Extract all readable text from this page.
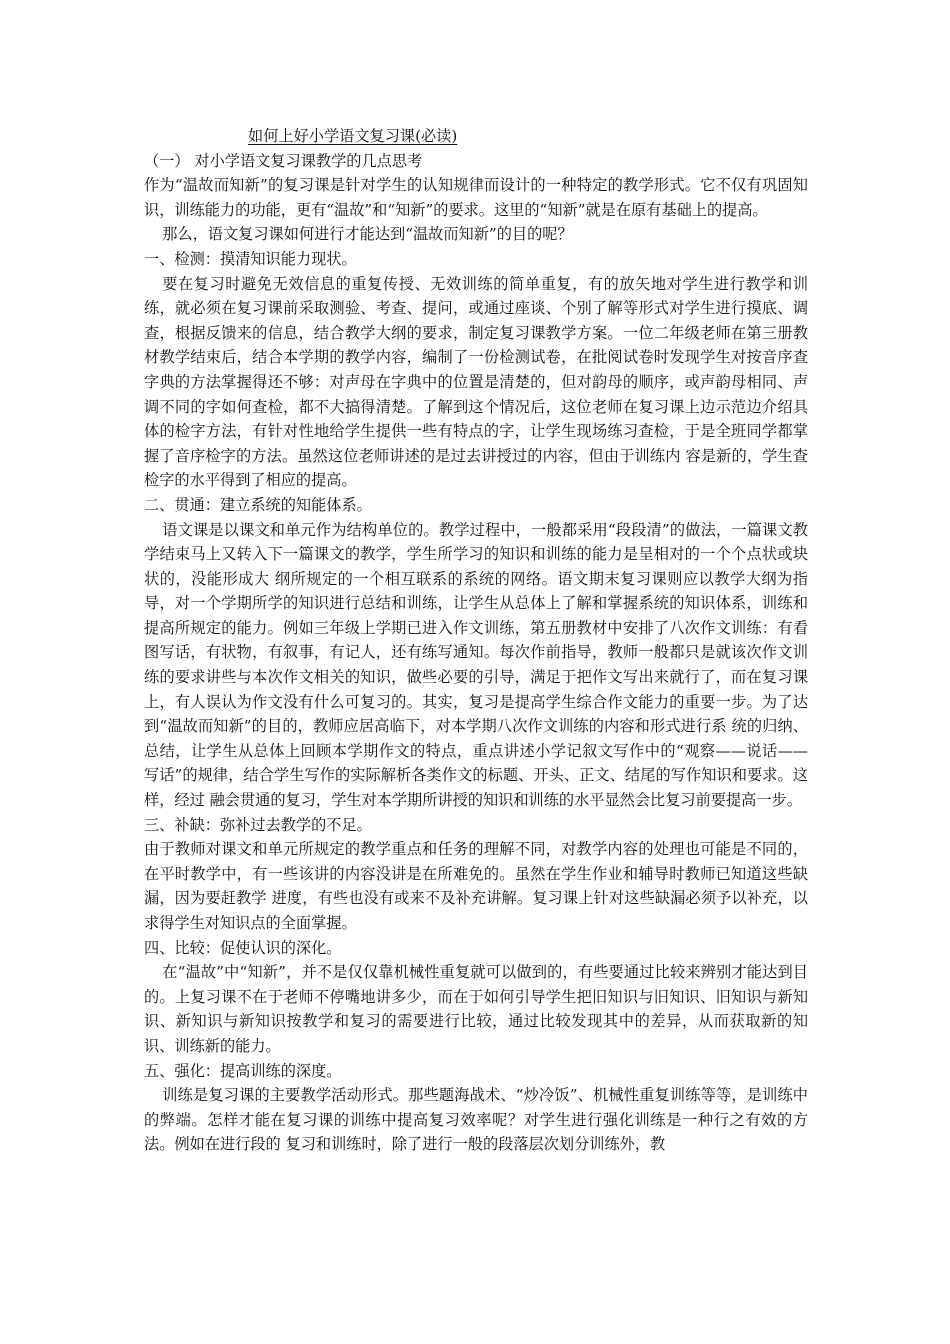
如何上好小学语文复习课(必读)

（一） 对小学语文复习课教学的几点思考

作为“温故而知新”的复习课是针对学生的认知规律而设计的一种特定的教学形式。它不仅有巩固知识，训练能力的功能，更有“温故”和“知新”的要求。这里的“知新”就是在原有基础上的提高。

那么，语文复习课如何进行才能达到“温故而知新”的目的呢？

一、检测：摸清知识能力现状。

要在复习时避免无效信息的重复传授、无效训练的简单重复，有的放矢地对学生进行教学和训练，就必须在复习课前采取测验、考查、提问，或通过座谈、个别了解等形式对学生进行摸底、调查，根据反馈来的信息，结合教学大纲的要求，制定复习课教学方案。一位二年级老师在第三册教材教学结束后，结合本学期的教学内容，编制了一份检测试卷，在批阅试卷时发现学生对按音序查字典的方法掌握得还不够：对声母在字典中的位置是清楚的，但对韵母的顺序，或声韵母相同、声调不同的字如何查检，都不大搞得清楚。了解到这个情况后，这位老师在复习课上边示范边介绍具体的检字方法，有针对性地给学生提供一些有特点的字，让学生现场练习查检，于是全班同学都掌握了音序检字的方法。虽然这位老师讲述的是过去讲授过的内容，但由于训练内 容是新的，学生查检字的水平得到了相应的提高。

二、贯通：建立系统的知能体系。

语文课是以课文和单元作为结构单位的。教学过程中，一般都采用“段段清”的做法，一篇课文教学结束马上又转入下一篇课文的教学，学生所学习的知识和训练的能力是呈相对的一个个点状或块状的，没能形成大 纲所规定的一个相互联系的系统的网络。语文期末复习课则应以教学大纲为指导，对一个学期所学的知识进行总结和训练，让学生从总体上了解和掌握系统的知识体系，训练和提高所规定的能力。例如三年级上学期已进入作文训练，第五册教材中安排了八次作文训练：有看图写话，有状物，有叙事，有记人，还有练写通知。每次作前指导，教师一般都只是就该次作文训练的要求讲些与本次作文相关的知识，做些必要的引导，满足于把作文写出来就行了，而在复习课上，有人误认为作文没有什么可复习的。其实，复习是提高学生综合作文能力的重要一步。为了达到“温故而知新”的目的，教师应居高临下，对本学期八次作文训练的内容和形式进行系 统的归纳、总结，让学生从总体上回顾本学期作文的特点，重点讲述小学记叙文写作中的“观察——说话—— 写话”的规律，结合学生写作的实际解析各类作文的标题、开头、正文、结尾的写作知识和要求。这样，经过 融会贯通的复习，学生对本学期所讲授的知识和训练的水平显然会比复习前要提高一步。

三、补缺：弥补过去教学的不足。

由于教师对课文和单元所规定的教学重点和任务的理解不同，对教学内容的处理也可能是不同的，在平时教学中，有一些该讲的内容没讲是在所难免的。虽然在学生作业和辅导时教师已知道这些缺漏，因为要赶教学 进度，有些也没有或来不及补充讲解。复习课上针对这些缺漏必须予以补充，以求得学生对知识点的全面掌握。

四、比较：促使认识的深化。

在“温故”中“知新”，并不是仅仅靠机械性重复就可以做到的，有些要通过比较来辨别才能达到目的。上复习课不在于老师不停嘴地讲多少，而在于如何引导学生把旧知识与旧知识、旧知识与新知识、新知识与新知识按教学和复习的需要进行比较，通过比较发现其中的差异，从而获取新的知识、训练新的能力。

五、强化：提高训练的深度。

训练是复习课的主要教学活动形式。那些题海战术、“炒冷饭”、机械性重复训练等等，是训练中的弊端。怎样才能在复习课的训练中提高复习效率呢？对学生进行强化训练是一种行之有效的方法。例如在进行段的 复习和训练时，除了进行一般的段落层次划分训练外，教
